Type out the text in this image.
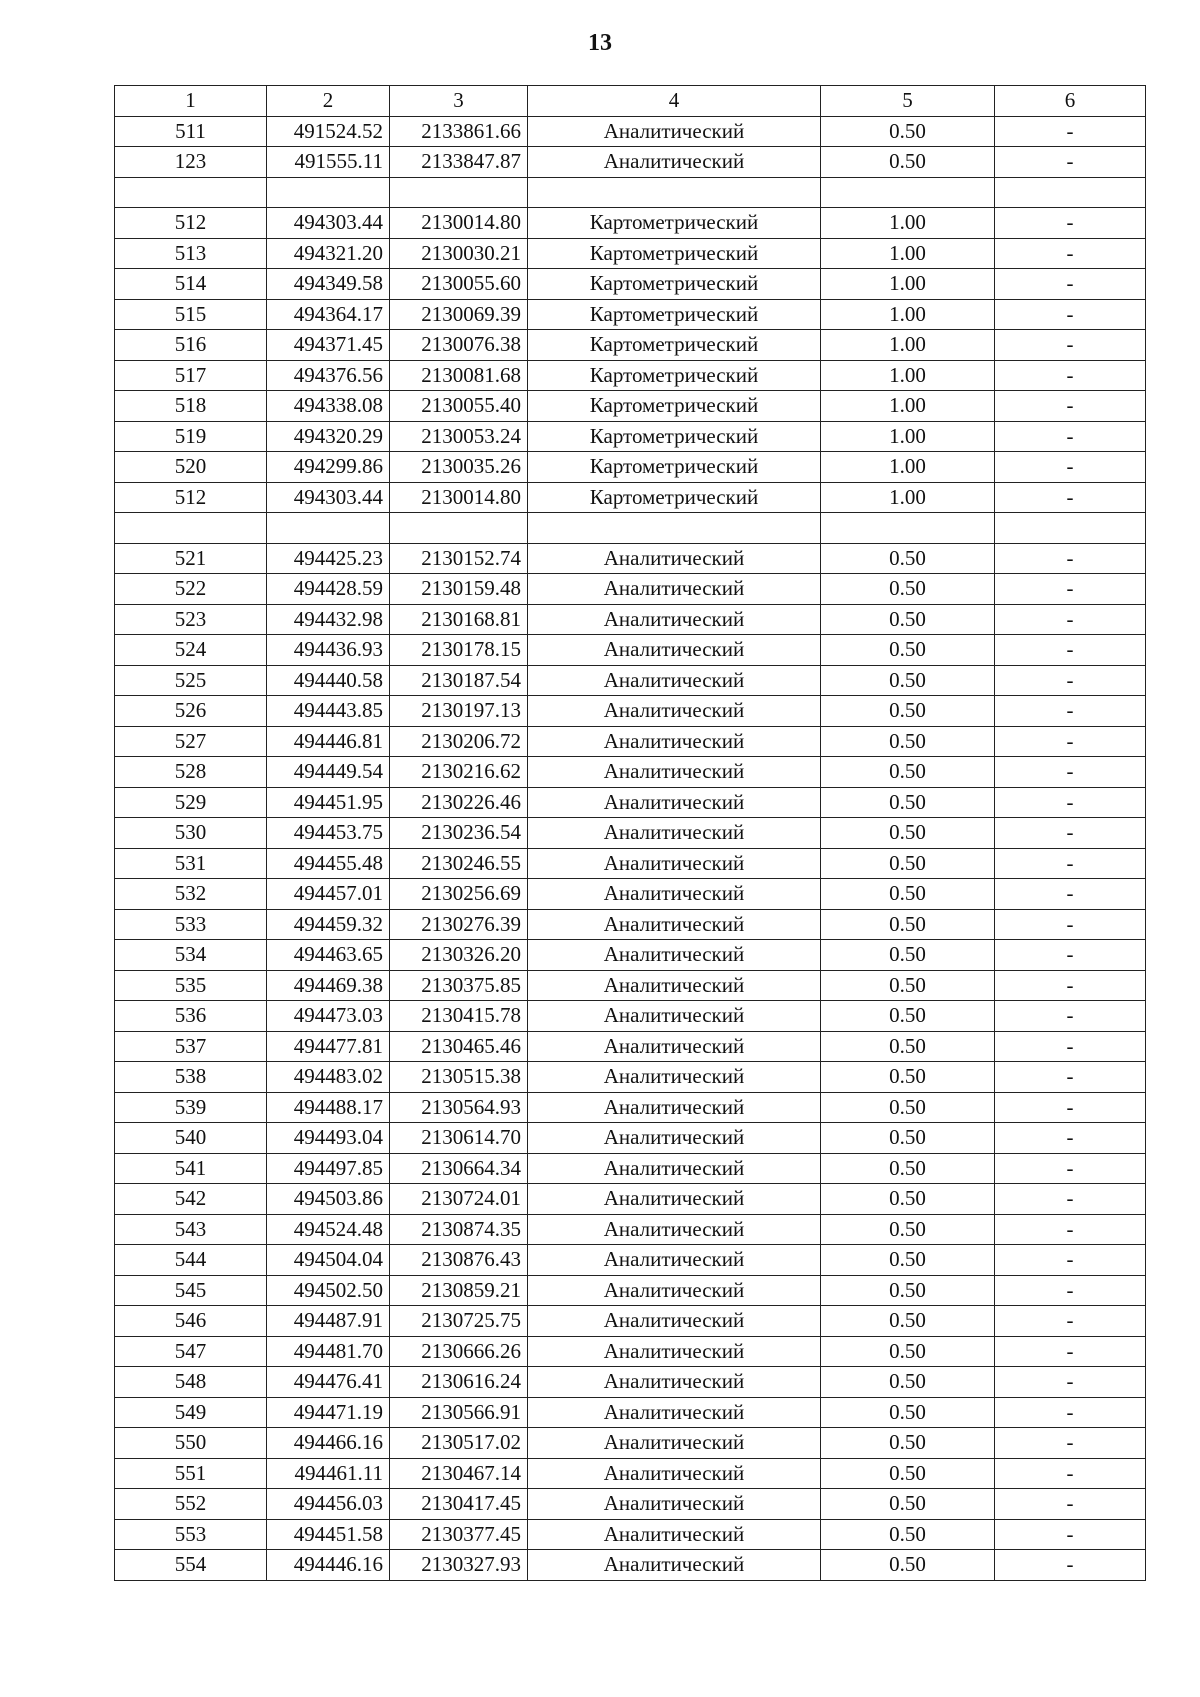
13
1	2	3	4	5	6
511	491524.52	2133861.66	Аналитический	0.50	-
123	491555.11	2133847.87	Аналитический	0.50	-

512	494303.44	2130014.80	Картометрический	1.00	-
513	494321.20	2130030.21	Картометрический	1.00	-
514	494349.58	2130055.60	Картометрический	1.00	-
515	494364.17	2130069.39	Картометрический	1.00	-
516	494371.45	2130076.38	Картометрический	1.00	-
517	494376.56	2130081.68	Картометрический	1.00	-
518	494338.08	2130055.40	Картометрический	1.00	-
519	494320.29	2130053.24	Картометрический	1.00	-
520	494299.86	2130035.26	Картометрический	1.00	-
512	494303.44	2130014.80	Картометрический	1.00	-

521	494425.23	2130152.74	Аналитический	0.50	-
522	494428.59	2130159.48	Аналитический	0.50	-
523	494432.98	2130168.81	Аналитический	0.50	-
524	494436.93	2130178.15	Аналитический	0.50	-
525	494440.58	2130187.54	Аналитический	0.50	-
526	494443.85	2130197.13	Аналитический	0.50	-
527	494446.81	2130206.72	Аналитический	0.50	-
528	494449.54	2130216.62	Аналитический	0.50	-
529	494451.95	2130226.46	Аналитический	0.50	-
530	494453.75	2130236.54	Аналитический	0.50	-
531	494455.48	2130246.55	Аналитический	0.50	-
532	494457.01	2130256.69	Аналитический	0.50	-
533	494459.32	2130276.39	Аналитический	0.50	-
534	494463.65	2130326.20	Аналитический	0.50	-
535	494469.38	2130375.85	Аналитический	0.50	-
536	494473.03	2130415.78	Аналитический	0.50	-
537	494477.81	2130465.46	Аналитический	0.50	-
538	494483.02	2130515.38	Аналитический	0.50	-
539	494488.17	2130564.93	Аналитический	0.50	-
540	494493.04	2130614.70	Аналитический	0.50	-
541	494497.85	2130664.34	Аналитический	0.50	-
542	494503.86	2130724.01	Аналитический	0.50	-
543	494524.48	2130874.35	Аналитический	0.50	-
544	494504.04	2130876.43	Аналитический	0.50	-
545	494502.50	2130859.21	Аналитический	0.50	-
546	494487.91	2130725.75	Аналитический	0.50	-
547	494481.70	2130666.26	Аналитический	0.50	-
548	494476.41	2130616.24	Аналитический	0.50	-
549	494471.19	2130566.91	Аналитический	0.50	-
550	494466.16	2130517.02	Аналитический	0.50	-
551	494461.11	2130467.14	Аналитический	0.50	-
552	494456.03	2130417.45	Аналитический	0.50	-
553	494451.58	2130377.45	Аналитический	0.50	-
554	494446.16	2130327.93	Аналитический	0.50	-
